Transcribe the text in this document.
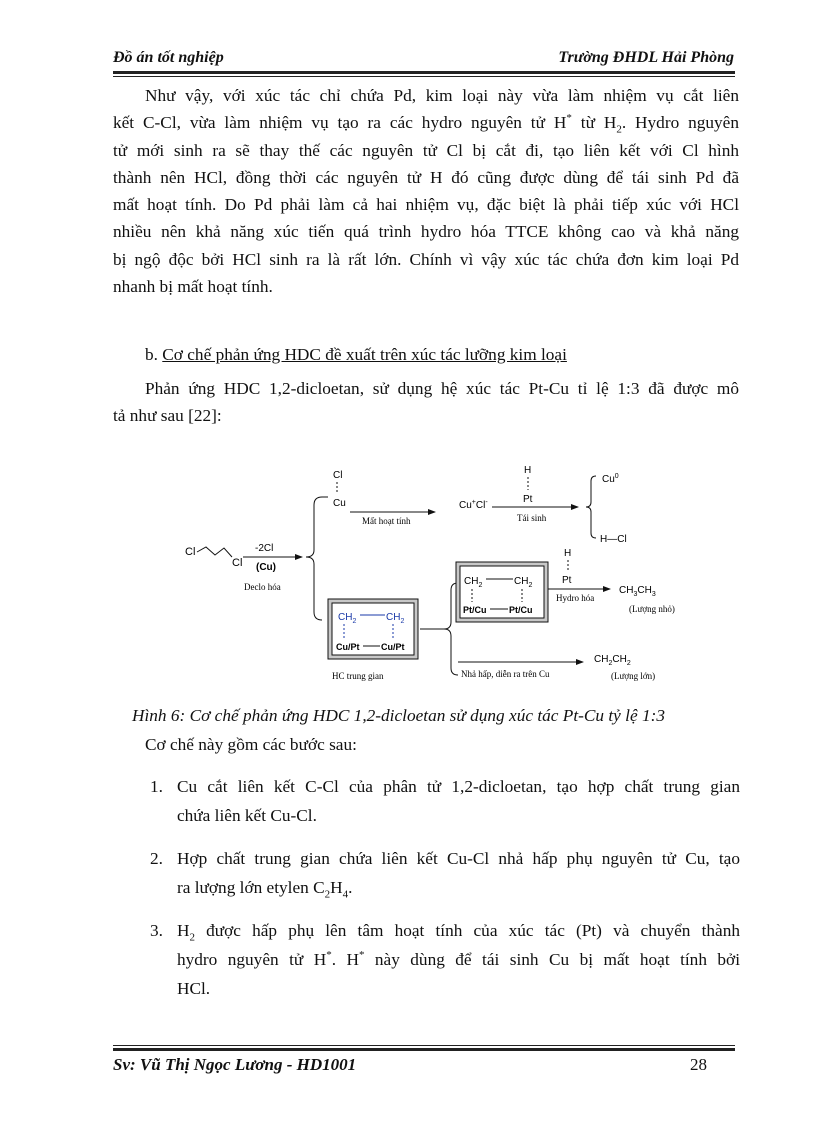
Đồ án tốt nghiệp	Trường ĐHDL Hải Phòng
Như vậy, với xúc tác chỉ chứa Pd, kim loại này vừa làm nhiệm vụ cắt liên
kết C-Cl, vừa làm nhiệm vụ tạo ra các hydro nguyên tử H* từ $H_2$. Hydro nguyên
tử mới sinh ra sẽ thay thế các nguyên tử Cl bị cắt đi, tạo liên kết với Cl hình
thành nên HCl, đồng thời các nguyên tử H đó cũng được dùng để tái sinh Pd đã
mất hoạt tính. Do Pd phải làm cả hai nhiệm vụ, đặc biệt là phải tiếp xúc với HCl
nhiều nên khả năng xúc tiến quá trình hydro hóa TTCE không cao và khả năng
bị ngộ độc bởi HCl sinh ra là rất lớn. Chính vì vậy xúc tác chứa đơn kim loại Pd
nhanh bị mất hoạt tính.
b. Cơ chế phản ứng HDC đề xuất trên xúc tác lưỡng kim loại
Phản ứng HDC 1,2-dicloetan, sử dụng hệ xúc tác Pt-Cu tỉ lệ 1:3 đã được mô
tả như sau [22]:
Cl
Cl
-2Cl
(Cu)
Declo hóa
Cl
Cu
Mất hoạt tính
Cu+Cl-
H
Pt
Tái sinh
Cu$^0$
H—Cl
$CH_2$	$CH_2$
Cu/Pt Cu/Pt
HC trung gian
$CH_2$	$CH_2$
Pt/Cu	Pt/Cu
H
Pt
Hydro hóa
$CH_3CH_3$
(Lượng nhỏ)
Nhả hấp, diễn ra trên Cu
$CH_2CH_2$
(Lượng lớn)
Hình 6: Cơ chế phản ứng HDC 1,2-dicloetan sử dụng xúc tác Pt-Cu tỷ lệ 1:3
Cơ chế này gồm các bước sau:
1. Cu cắt liên kết C-Cl của phân tử 1,2-dicloetan, tạo hợp chất trung gian
chứa liên kết Cu-Cl.
2. Hợp chất trung gian chứa liên kết Cu-Cl nhả hấp phụ nguyên tử Cu, tạo
ra lượng lớn etylen $C_2H_4$.
3. $H_2$ được hấp phụ lên tâm hoạt tính của xúc tác (Pt) và chuyển thành
hydro nguyên tử H*. H* này dùng để tái sinh Cu bị mất hoạt tính bởi
HCl.
Sv: Vũ Thị Ngọc Lương - HD1001	28
